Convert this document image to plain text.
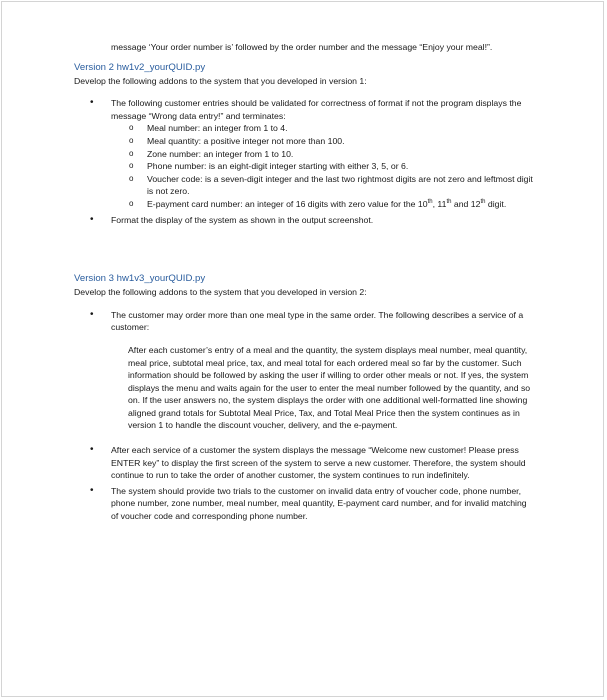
message ‘Your order number is’ followed by the order number and the message “Enjoy your meal!”.

Version 2 hw1v2_yourQUID.py

Develop the following addons to the system that you developed in version 1:

• The following customer entries should be validated for correctness of format if not the program displays the message “Wrong data entry!” and terminates:
o Meal number: an integer from 1 to 4.
o Meal quantity: a positive integer not more than 100.
o Zone number: an integer from 1 to 10.
o Phone number: is an eight-digit integer starting with either 3, 5, or 6.
o Voucher code: is a seven-digit integer and the last two rightmost digits are not zero and leftmost digit is not zero.
o E-payment card number: an integer of 16 digits with zero value for the 10th, 11th and 12th digit.
• Format the display of the system as shown in the output screenshot.

Version 3 hw1v3_yourQUID.py

Develop the following addons to the system that you developed in version 2:

• The customer may order more than one meal type in the same order. The following describes a service of a customer:

After each customer’s entry of a meal and the quantity, the system displays meal number, meal quantity, meal price, subtotal meal price, tax, and meal total for each ordered meal so far by the customer. Such information should be followed by asking the user if willing to order other meals or not. If yes, the system displays the menu and waits again for the user to enter the meal number followed by the quantity, and so on. If the user answers no, the system displays the order with one additional well-formatted line showing aligned grand totals for Subtotal Meal Price, Tax, and Total Meal Price then the system continues as in version 1 to handle the discount voucher, delivery, and the e-payment.

• After each service of a customer the system displays the message “Welcome new customer! Please press ENTER key” to display the first screen of the system to serve a new customer. Therefore, the system should continue to run to take the order of another customer, the system continues to run indefinitely.
• The system should provide two trials to the customer on invalid data entry of voucher code, phone number, phone number, zone number, meal number, meal quantity, E-payment card number, and for invalid matching of voucher code and corresponding phone number.
